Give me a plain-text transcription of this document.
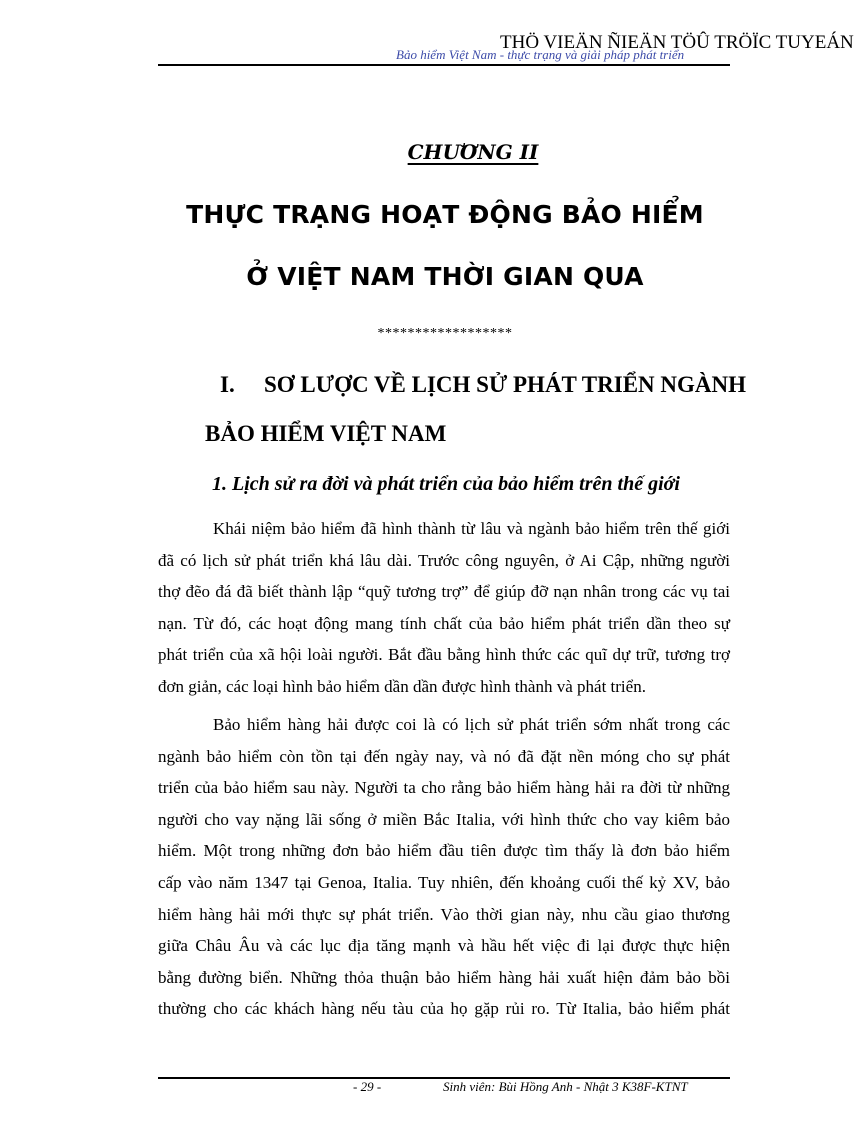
THÖ VIEÄN ÑIEÄN TÖÛ TRÖÏC TUYEÁN
Bảo hiểm Việt Nam - thực trạng và giải pháp phát triển
CHƯƠNG II
THỰC TRẠNG HOẠT ĐỘNG BẢO HIỂM
Ở VIỆT NAM THỜI GIAN QUA
******************
I. SƠ LƯỢC VỀ LỊCH SỬ PHÁT TRIỂN NGÀNH
BẢO HIỂM VIỆT NAM
1. Lịch sử ra đời và phát triển của bảo hiểm trên thế giới
Khái niệm bảo hiểm đã hình thành từ lâu và ngành bảo hiểm trên thế giới
đã có lịch sử phát triển khá lâu dài. Trước công nguyên, ở Ai Cập, những người
thợ đẽo đá đã biết thành lập “quỹ tương trợ” để giúp đỡ nạn nhân trong các vụ tai
nạn. Từ đó, các hoạt động mang tính chất của bảo hiểm phát triển dần theo sự
phát triển của xã hội loài người. Bắt đầu bằng hình thức các quĩ dự trữ, tương trợ
đơn giản, các loại hình bảo hiểm dần dần được hình thành và phát triển.
Bảo hiểm hàng hải được coi là có lịch sử phát triển sớm nhất trong các
ngành bảo hiểm còn tồn tại đến ngày nay, và nó đã đặt nền móng cho sự phát
triển của bảo hiểm sau này. Người ta cho rằng bảo hiểm hàng hải ra đời từ những
người cho vay nặng lãi sống ở miền Bắc Italia, với hình thức cho vay kiêm bảo
hiểm. Một trong những đơn bảo hiểm đầu tiên được tìm thấy là đơn bảo hiểm
cấp vào năm 1347 tại Genoa, Italia. Tuy nhiên, đến khoảng cuối thế kỷ XV, bảo
hiểm hàng hải mới thực sự phát triển. Vào thời gian này, nhu cầu giao thương
giữa Châu Âu và các lục địa tăng mạnh và hầu hết việc đi lại được thực hiện
bằng đường biển. Những thỏa thuận bảo hiểm hàng hải xuất hiện đảm bảo bồi
thường cho các khách hàng nếu tàu của họ gặp rủi ro. Từ Italia, bảo hiểm phát
- 29 -	Sinh viên: Bùi Hồng Anh - Nhật 3 K38F-KTNT
